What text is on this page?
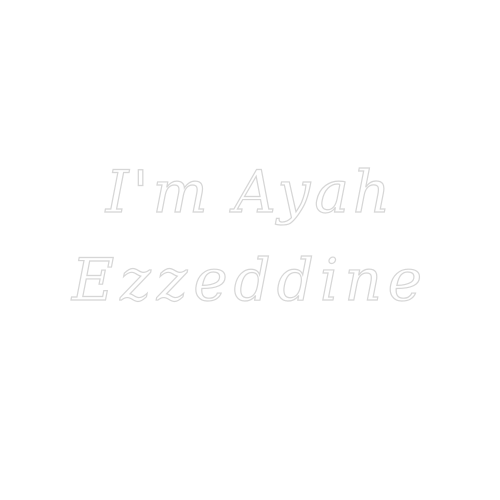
I'm Ayah
Ezzeddine
